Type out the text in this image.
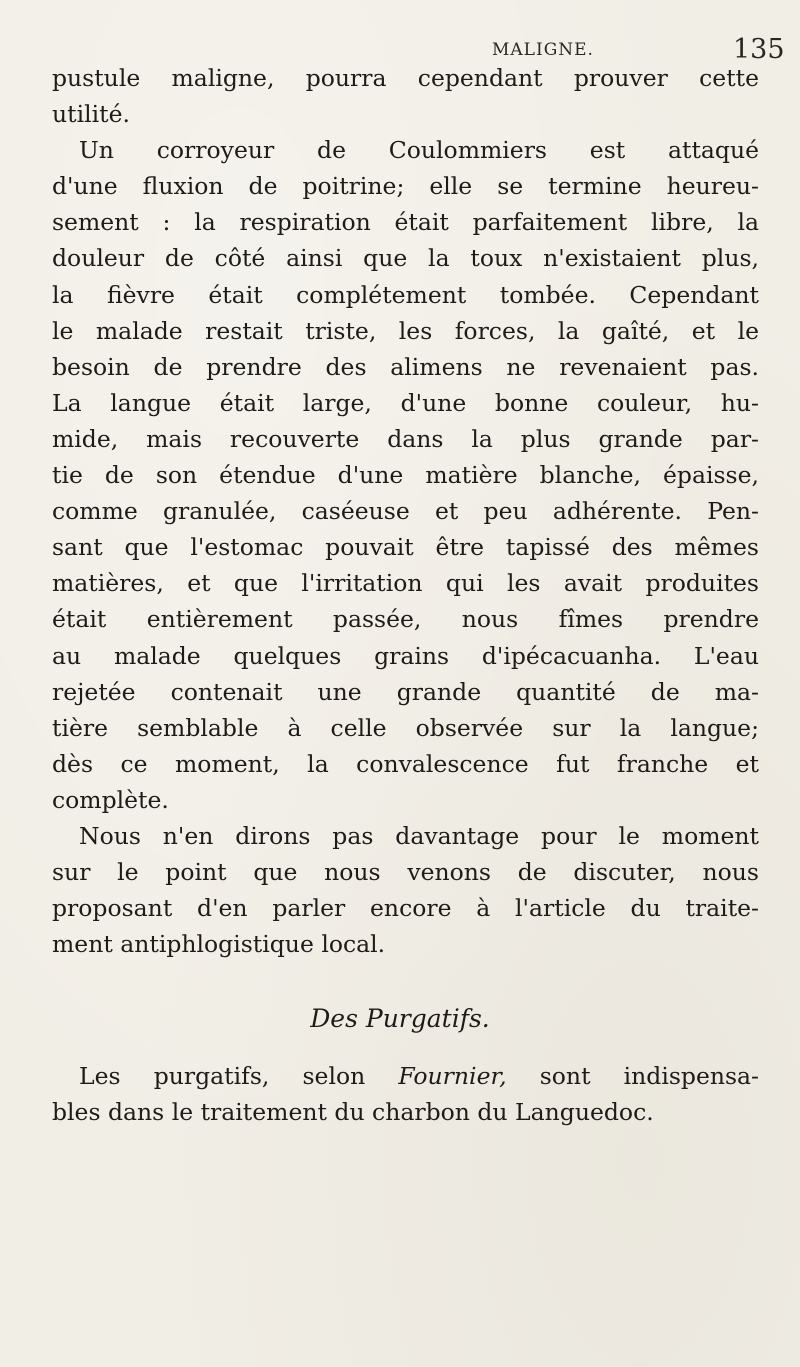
MALIGNE.	135
pustule maligne, pourra cependant prouver cette
utilité.
Un corroyeur de Coulommiers est attaqué
d'une fluxion de poitrine; elle se termine heureu-
sement : la respiration était parfaitement libre, la
douleur de côté ainsi que la toux n'existaient plus,
la fièvre était complétement tombée. Cependant
le malade restait triste, les forces, la gaîté, et le
besoin de prendre des alimens ne revenaient pas.
La langue était large, d'une bonne couleur, hu-
mide, mais recouverte dans la plus grande par-
tie de son étendue d'une matière blanche, épaisse,
comme granulée, caséeuse et peu adhérente. Pen-
sant que l'estomac pouvait être tapissé des mêmes
matières, et que l'irritation qui les avait produites
était entièrement passée, nous fîmes prendre
au malade quelques grains d'ipécacuanha. L'eau
rejetée contenait une grande quantité de ma-
tière semblable à celle observée sur la langue;
dès ce moment, la convalescence fut franche et
complète.
Nous n'en dirons pas davantage pour le moment
sur le point que nous venons de discuter, nous
proposant d'en parler encore à l'article du traite-
ment antiphlogistique local.
Des Purgatifs.
Les purgatifs, selon Fournier, sont indispensa-
bles dans le traitement du charbon du Languedoc.
